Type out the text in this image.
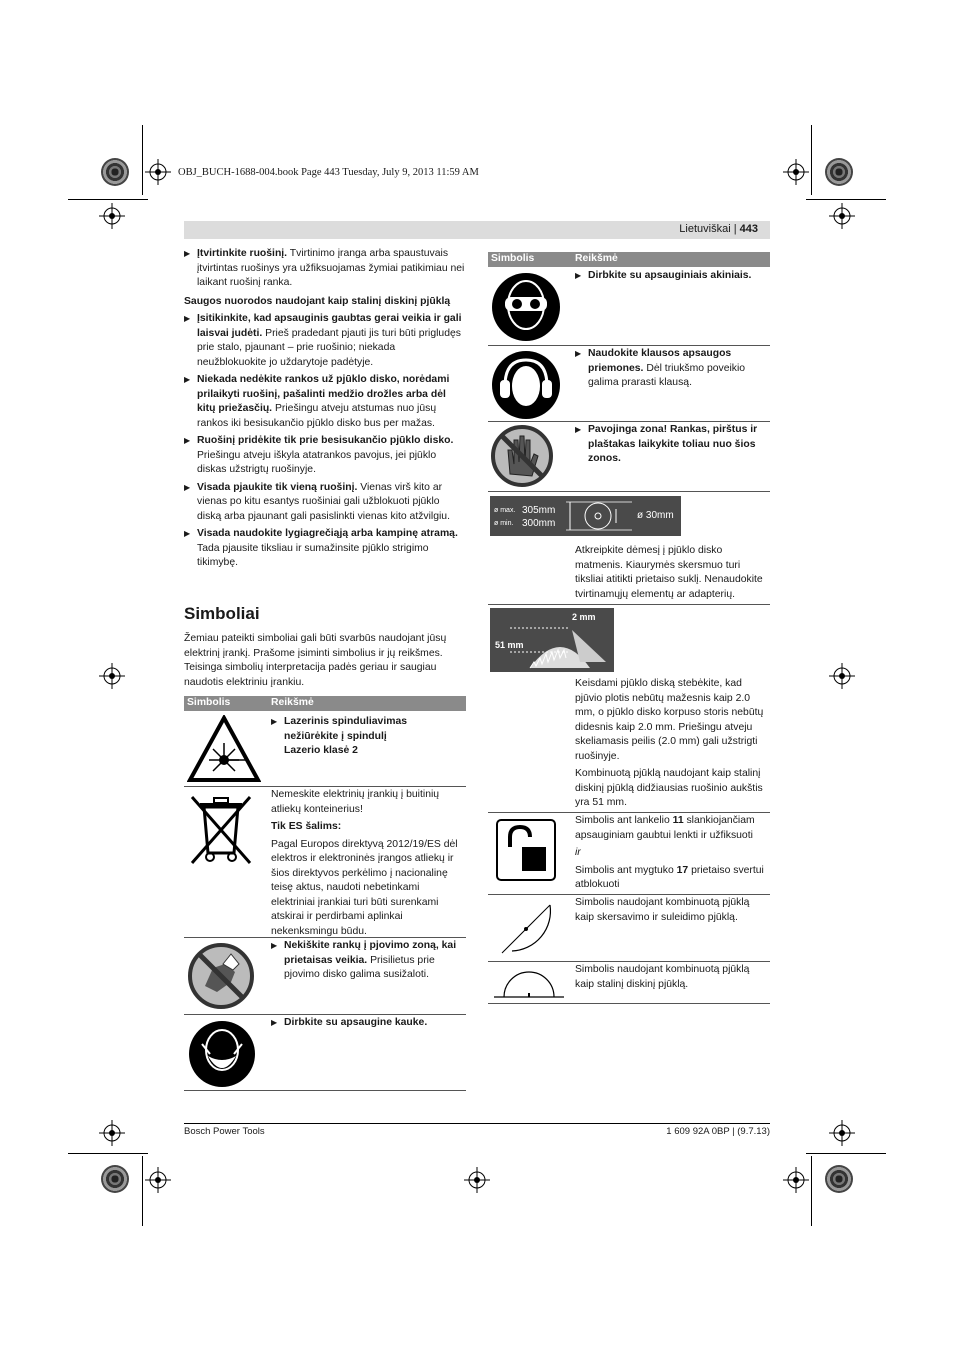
OBJ_BUCH-1688-004.book Page 443 Tuesday, July 9, 2013 11:59 AM
Lietuviškai | 443
▶ Įtvirtinkite ruošinį. Tvirtinimo įranga arba spaustuvais įtvirtintas ruošinys yra užfiksuojamas žymiai patikimiau nei laikant ruošinį ranka.
Saugos nuorodos naudojant kaip stalinį diskinį pjūklą
▶ Įsitikinkite, kad apsauginis gaubtas gerai veikia ir gali laisvai judėti. Prieš pradedant pjauti jis turi būti prigludęs prie stalo, pjaunant – prie ruošinio; niekada neužblokuokite jo uždarytoje padėtyje.
▶ Niekada nedėkite rankos už pjūklo disko, norėdami prilaikyti ruošinį, pašalinti medžio drožles arba dėl kitų priežasčių. Priešingu atveju atstumas nuo jūsų rankos iki besisukančio pjūklo disko bus per mažas.
▶ Ruošinį pridėkite tik prie besisukančio pjūklo disko. Priešingu atveju iškyla atatrankos pavojus, jei pjūklo diskas užstrigtų ruošinyje.
▶ Visada pjaukite tik vieną ruošinį. Vienas virš kito ar vienas po kitu esantys ruošiniai gali užblokuoti pjūklo diską arba pjaunant gali pasislinkti vienas kito atžvilgiu.
▶ Visada naudokite lygiagrečiąją arba kampinę atramą. Tada pjausite tiksliau ir sumažinsite pjūklo strigimo tikimybę.
Simboliai
Žemiau pateikti simboliai gali būti svarbūs naudojant jūsų elektrinį įrankį. Prašome įsiminti simbolius ir jų reikšmes. Teisinga simbolių interpretacija padės geriau ir saugiau naudotis elektriniu įrankiu.
Simbolis	Reikšmė
▶ Lazerinis spinduliavimas
nežiūrėkite į spindulį
Lazerio klasė 2

Nemeskite elektrinių įrankių į buitinių atliekų konteinerius!

Tik ES šalims:

Pagal Europos direktyvą 2012/19/ES dėl elektros ir elektroninės įrangos atliekų ir šios direktyvos perkėlimo į nacionalinę teisę aktus, naudoti nebetinkami elektriniai įrankiai turi būti surenkami atskirai ir perdirbami aplinkai nekenksmingu būdu.

▶ Nekiškite rankų į pjovimo zoną, kai prietaisas veikia. Prisilietus prie pjovimo disko galima susižaloti.
▶ Dirbkite su apsaugine kauke.
Simbolis	Reikšmė
▶ Dirbkite su apsauginiais akiniais.
▶ Naudokite klausos apsaugos priemones. Dėl triukšmo poveikio galima prarasti klausą.
▶ Pavojinga zona! Rankas, pirštus ir plaštakas laikykite toliau nuo šios zonos.
ø max. 305mm
ø min. 300mm
ø 30mm
Atkreipkite dėmesį į pjūklo disko matmenis. Kiaurymės skersmuo turi tiksliai atitikti prietaiso suklį. Nenaudokite tvirtinamųjų elementų ar adapterių.
2 mm
51 mm

Keisdami pjūklo diską stebėkite, kad pjūvio plotis nebūtų mažesnis kaip 2.0 mm, o pjūklo disko korpuso storis nebūtų didesnis kaip 2.0 mm. Priešingu atveju skeliamasis peilis (2.0 mm) gali užstrigti ruošinyje.

Kombinuotą pjūklą naudojant kaip stalinį diskinį pjūklą didžiausias ruošinio aukštis yra 51 mm.

Simbolis ant lankelio 11 slankiojančiam apsauginiam gaubtui lenkti ir užfiksuoti

ir

Simbolis ant mygtuko 17 prietaiso svertui atblokuoti

Simbolis naudojant kombinuotą pjūklą kaip skersavimo ir suleidimo pjūklą.
Simbolis naudojant kombinuotą pjūklą kaip stalinį diskinį pjūklą.
Bosch Power Tools	1 609 92A 0BP | (9.7.13)
